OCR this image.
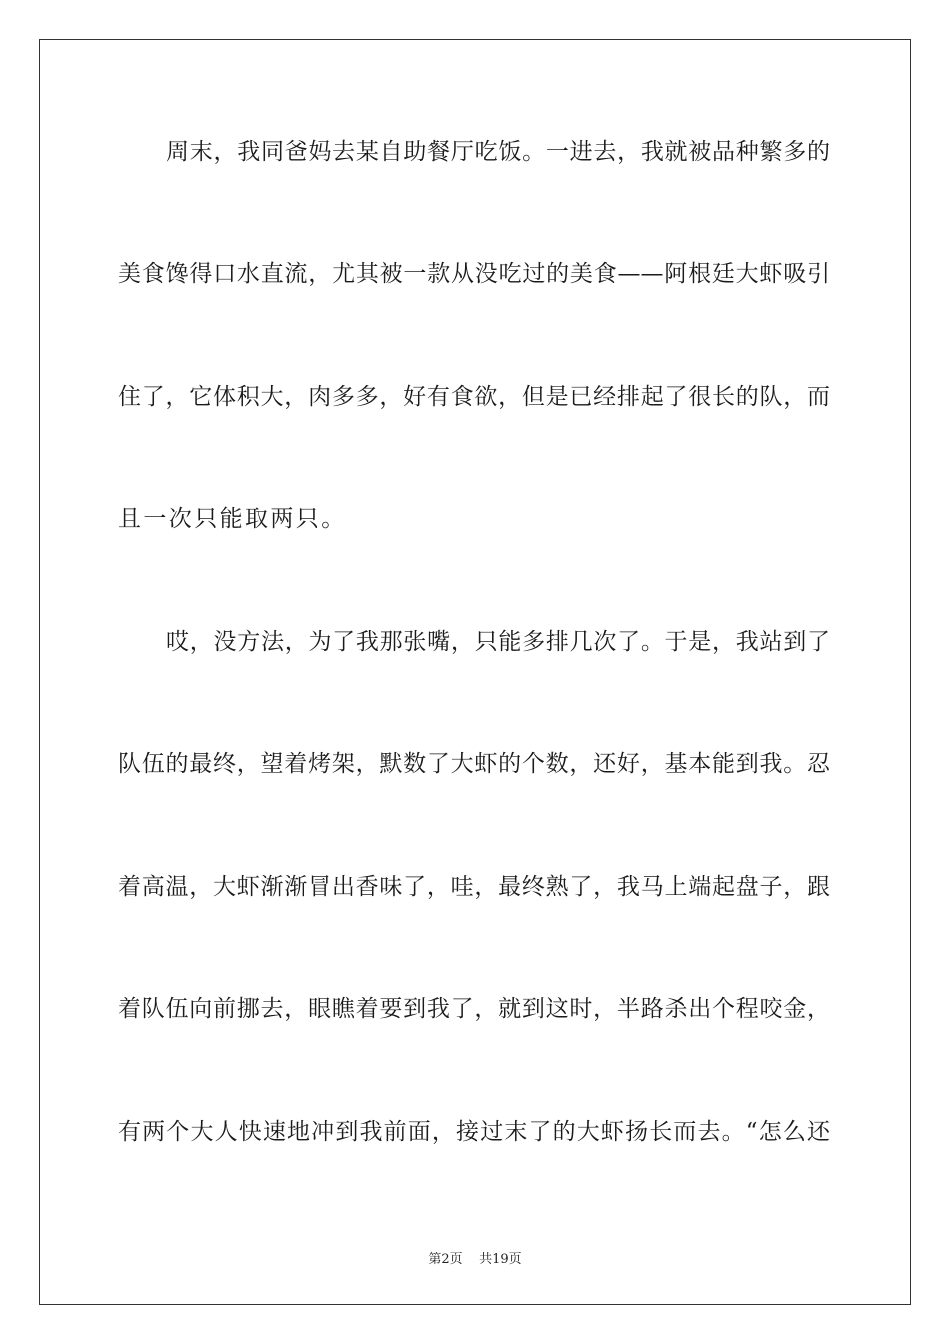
周末，我同爸妈去某自助餐厅吃饭。一进去，我就被品种繁多的
美食馋得口水直流，尤其被一款从没吃过的美食——阿根廷大虾吸引
住了，它体积大，肉多多，好有食欲，但是已经排起了很长的队，而
且一次只能取两只。
哎，没方法，为了我那张嘴，只能多排几次了。于是，我站到了
队伍的最终，望着烤架，默数了大虾的个数，还好，基本能到我。忍
着高温，大虾渐渐冒出香味了，哇，最终熟了，我马上端起盘子，跟
着队伍向前挪去，眼瞧着要到我了，就到这时，半路杀出个程咬金，
有两个大人快速地冲到我前面，接过末了的大虾扬长而去。“怎么还
第2页 共19页
